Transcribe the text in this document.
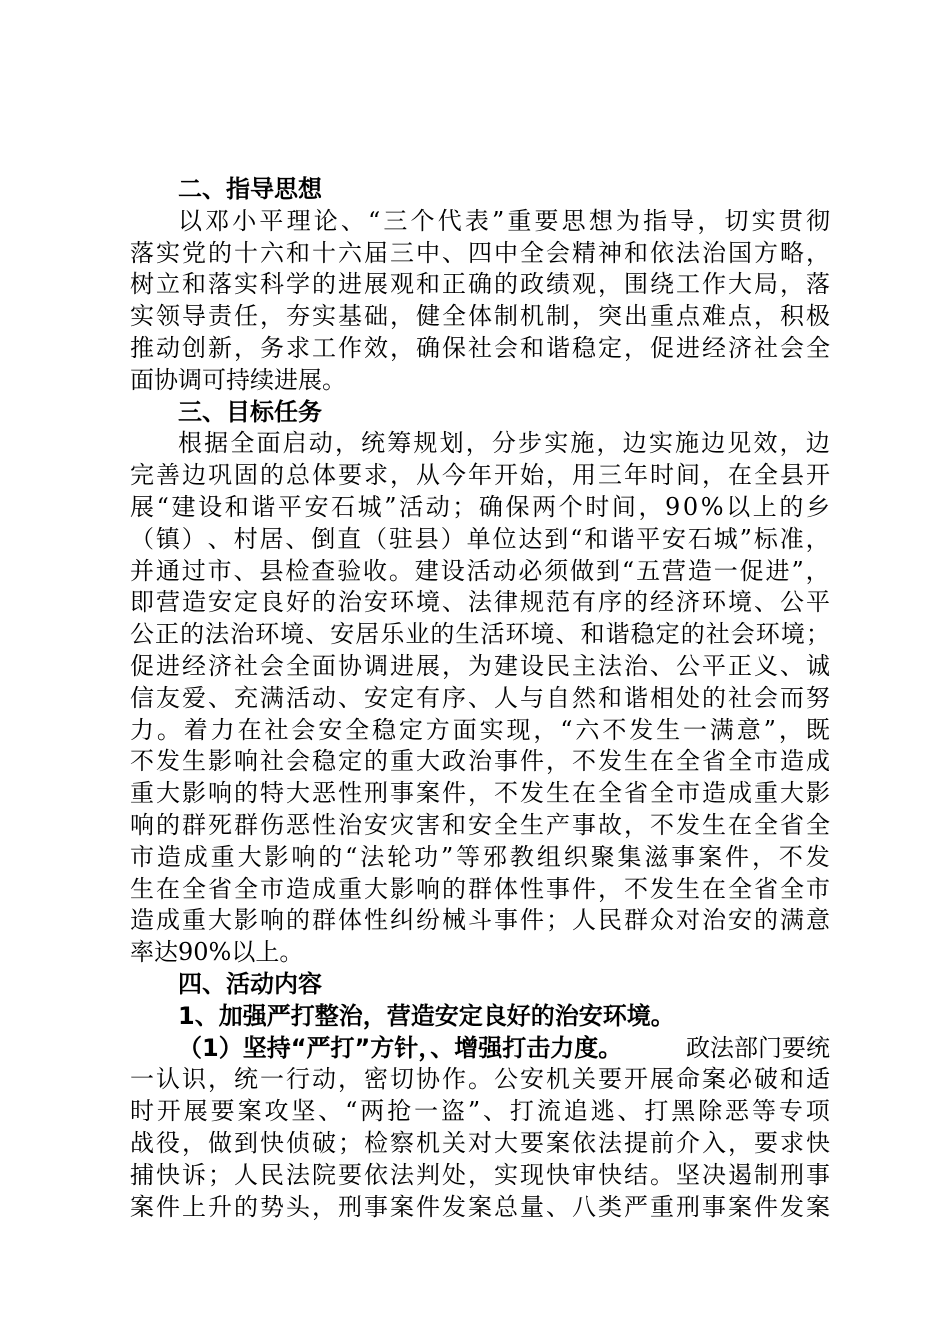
二、指导思想
以 邓 小 平 理 论 、 “ 三 个 代 表 ” 重 要 思 想 为 指 导 ， 切 实 贯 彻
落 实 党 的 十 六 和 十 六 届 三 中 、 四 中 全 会 精 神 和 依 法 治 国 方 略 ，
树 立 和 落 实 科 学 的 进 展 观 和 正 确 的 政 绩 观 ， 围 绕 工 作 大 局 ， 落
实 领 导 责 任 ， 夯 实 基 础 ， 健 全 体 制 机 制 ， 突 出 重 点 难 点 ， 积 极
推 动 创 新 ， 务 求 工 作 效 ， 确 保 社 会 和 谐 稳 定 ， 促 进 经 济 社 会 全
面协调可持续进展。
三、目标任务
根 据 全 面 启 动 ， 统 筹 规 划 ， 分 步 实 施 ， 边 实 施 边 见 效 ， 边
完 善 边 巩 固 的 总 体 要 求 ， 从 今 年 开 始 ， 用 三 年 时 间 ， 在 全 县 开
展 “ 建 设 和 谐 平 安 石 城 ” 活 动 ； 确 保 两 个 时 间 ， 9 0 % 以 上 的 乡
（ 镇 ） 、 村 居 、 倒 直 （ 驻 县 ） 单 位 达 到 “ 和 谐 平 安 石 城 ” 标 准 ，
并 通 过 市 、 县 检 查 验 收 。 建 设 活 动 必 须 做 到 “ 五 营 造 一 促 进 ” ，
即 营 造 安 定 良 好 的 治 安 环 境 、 法 律 规 范 有 序 的 经 济 环 境 、 公 平
公 正 的 法 治 环 境 、 安 居 乐 业 的 生 活 环 境 、 和 谐 稳 定 的 社 会 环 境 ；
促 进 经 济 社 会 全 面 协 调 进 展 ， 为 建 设 民 主 法 治 、 公 平 正 义 、 诚
信 友 爱 、 充 满 活 动 、 安 定 有 序 、 人 与 自 然 和 谐 相 处 的 社 会 而 努
力 。 着 力 在 社 会 安 全 稳 定 方 面 实 现 ， “ 六 不 发 生 一 满 意 ” ， 既
不 发 生 影 响 社 会 稳 定 的 重 大 政 治 事 件 ， 不 发 生 在 全 省 全 市 造 成
重 大 影 响 的 特 大 恶 性 刑 事 案 件 ， 不 发 生 在 全 省 全 市 造 成 重 大 影
响 的 群 死 群 伤 恶 性 治 安 灾 害 和 安 全 生 产 事 故 ， 不 发 生 在 全 省 全
市 造 成 重 大 影 响 的 “ 法 轮 功 ” 等 邪 教 组 织 聚 集 滋 事 案 件 ， 不 发
生 在 全 省 全 市 造 成 重 大 影 响 的 群 体 性 事 件 ， 不 发 生 在 全 省 全 市
造 成 重 大 影 响 的 群 体 性 纠 纷 械 斗 事 件 ； 人 民 群 众 对 治 安 的 满 意
率达90%以上。
四、活动内容
1、加强严打整治，营造安定良好的治安环境。
（1）坚持“严打”方针，、增强打击力度。	政法部门要统
一 认 识 ， 统 一 行 动 ， 密 切 协 作 。 公 安 机 关 要 开 展 命 案 必 破 和 适
时 开 展 要 案 攻 坚 、 “ 两 抢 一 盗 ” 、 打 流 追 逃 、 打 黑 除 恶 等 专 项
战 役 ， 做 到 快 侦 破 ； 检 察 机 关 对 大 要 案 依 法 提 前 介 入 ， 要 求 快
捕 快 诉 ； 人 民 法 院 要 依 法 判 处 ， 实 现 快 审 快 结 。 坚 决 遏 制 刑 事
案 件 上 升 的 势 头 ， 刑 事 案 件 发 案 总 量 、 八 类 严 重 刑 事 案 件 发 案
